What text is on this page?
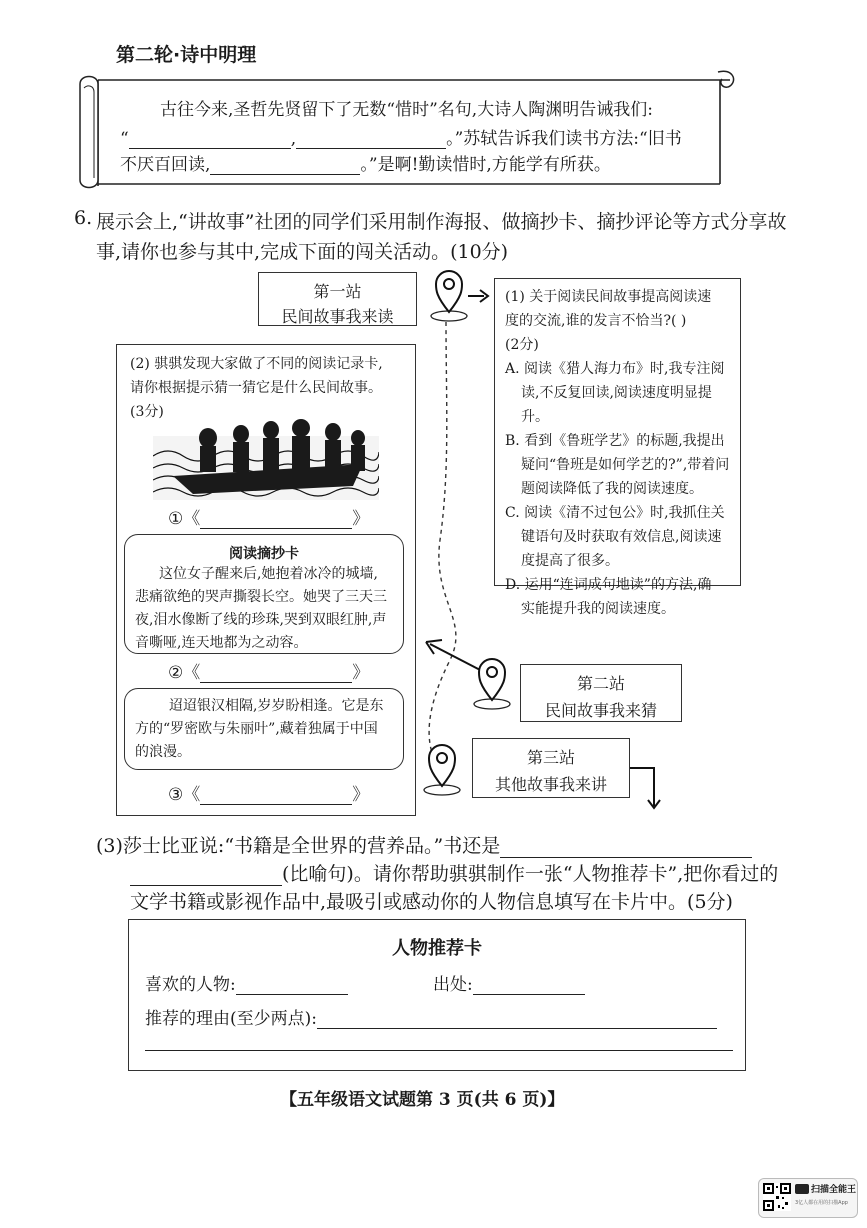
第二轮·诗中明理
古往今来,圣哲先贤留下了无数“惜时”名句,大诗人陶渊明告诫我们:
“	,	。”苏轼告诉我们读书方法:“旧书
不厌百回读,	。”是啊!勤读惜时,方能学有所获。
6. 展示会上,“讲故事”社团的同学们采用制作海报、做摘抄卡、摘抄评论等方式分享故
事,请你也参与其中,完成下面的闯关活动。(10分)
第一站
民间故事我来读
(1) 关于阅读民间故事提高阅读速
度的交流,谁的发言不恰当?( )
(2分)
A. 阅读《猎人海力布》时,我专注阅
读,不反复回读,阅读速度明显提
升。
B. 看到《鲁班学艺》的标题,我提出
疑问“鲁班是如何学艺的?”,带着问
题阅读降低了我的阅读速度。
C. 阅读《清不过包公》时,我抓住关
键语句及时获取有效信息,阅读速
度提高了很多。
D. 运用“连词成句地读”的方法,确
实能提升我的阅读速度。
(2) 骐骐发现大家做了不同的阅读记录卡,
请你根据提示猜一猜它是什么民间故事。
(3分)
①《	》
阅读摘抄卡
这位女子醒来后,她抱着冰冷的城墙,
悲痛欲绝的哭声撕裂长空。她哭了三天三
夜,泪水像断了线的珍珠,哭到双眼红肿,声
音嘶哑,连天地都为之动容。
②《	》
迢迢银汉相隔,岁岁盼相逢。它是东
方的“罗密欧与朱丽叶”,藏着独属于中国
的浪漫。
③《	》
第二站
民间故事我来猜
第三站
其他故事我来讲
(3)莎士比亚说:“书籍是全世界的营养品。”书还是
(比喻句)。请你帮助骐骐制作一张“人物推荐卡”,把你看过的
文学书籍或影视作品中,最吸引或感动你的人物信息填写在卡片中。(5分)
人物推荐卡
喜欢的人物:	出处:
推荐的理由(至少两点):
【五年级语文试题第 3 页(共 6 页)】
扫描全能王
3亿人都在用的扫描App
